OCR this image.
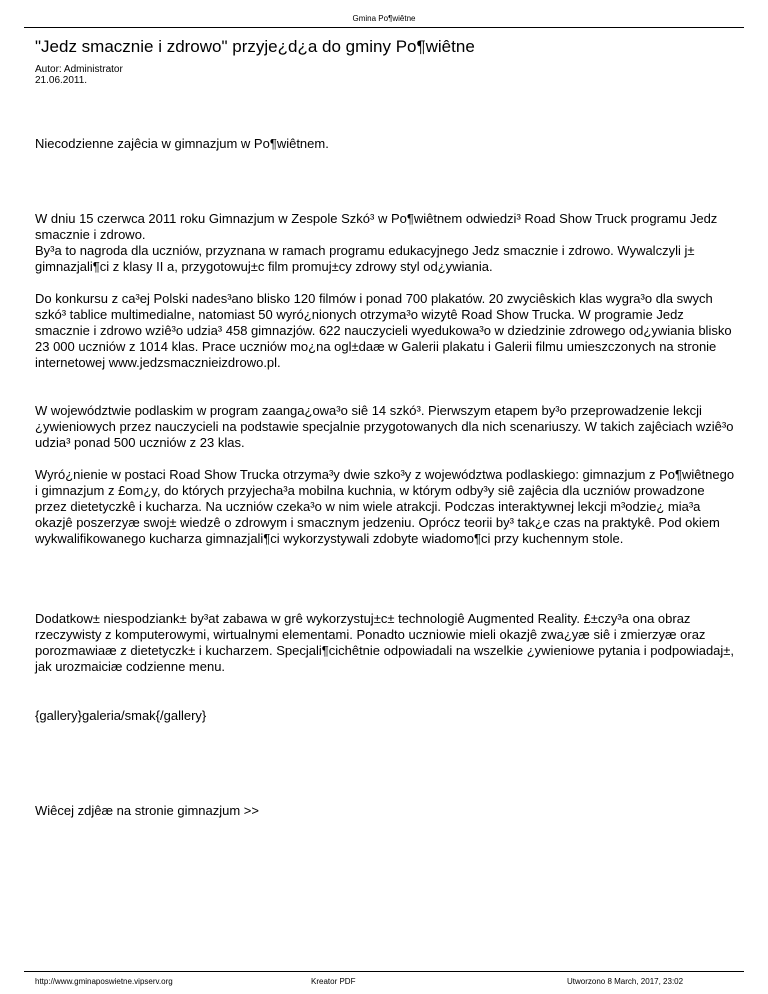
Gmina Po¶wiêtne
"Jedz smacznie i zdrowo" przyje¿d¿a do gminy Po¶wiêtne
Autor: Administrator
21.06.2011.
Niecodzienne zajêcia w gimnazjum w Po¶wiêtnem.
W dniu 15 czerwca 2011 roku Gimnazjum w Zespole Szkó³ w Po¶wiêtnem odwiedzi³ Road Show Truck programu Jedz smacznie i zdrowo.
By³a to nagroda dla uczniów, przyznana w ramach programu edukacyjnego Jedz smacznie i zdrowo. Wywalczyli j± gimnazjali¶ci z klasy II a, przygotowuj±c film promuj±cy zdrowy styl od¿ywiania.
Do konkursu z ca³ej Polski nades³ano blisko 120 filmów i ponad 700 plakatów. 20 zwyciêskich klas wygra³o dla swych szkó³ tablice multimedialne, natomiast 50 wyró¿nionych otrzyma³o wizytê Road Show Trucka. W programie Jedz smacznie i zdrowo wziê³o udzia³ 458 gimnazjów. 622 nauczycieli wyedukowa³o w dziedzinie zdrowego od¿ywiania blisko 23 000 uczniów z 1014 klas. Prace uczniów mo¿na ogl±daæ w Galerii plakatu i Galerii filmu umieszczonych na stronie internetowej www.jedzsmacznieizdrowo.pl.
W województwie podlaskim w program zaanga¿owa³o siê 14 szkó³. Pierwszym etapem by³o przeprowadzenie lekcji ¿ywieniowych przez nauczycieli na podstawie specjalnie przygotowanych dla nich scenariuszy. W takich zajêciach wziê³o udzia³ ponad 500 uczniów z 23 klas.
Wyró¿nienie w postaci Road Show Trucka otrzyma³y dwie szko³y z województwa podlaskiego: gimnazjum z Po¶wiêtnego i gimnazjum z £om¿y, do których przyjecha³a mobilna kuchnia, w którym odby³y siê zajêcia dla uczniów prowadzone przez dietetyczkê i kucharza. Na uczniów czeka³o w nim wiele atrakcji. Podczas interaktywnej lekcji m³odzie¿ mia³a okazjê poszerzyæ swoj± wiedzê o zdrowym i smacznym jedzeniu. Oprócz teorii by³ tak¿e czas na praktykê. Pod okiem wykwalifikowanego kucharza gimnazjali¶ci wykorzystywali zdobyte wiadomo¶ci przy kuchennym stole.
Dodatkow± niespodziank± by³at zabawa w grê wykorzystuj±c± technologiê Augmented Reality. £±czy³a ona obraz rzeczywisty z komputerowymi, wirtualnymi elementami. Ponadto uczniowie mieli okazjê zwa¿yæ siê i zmierzyæ oraz porozmawiaæ z dietetyczk± i kucharzem. Specjali¶cichêtnie odpowiadali na wszelkie ¿ywieniowe pytania i podpowiadaj±, jak urozmaiciæ codzienne menu.
{gallery}galeria/smak{/gallery}
Wiêcej zdjêæ na stronie gimnazjum >>
http://www.gminaposwietne.vipserv.org	Kreator PDF	Utworzono 8 March, 2017, 23:02
